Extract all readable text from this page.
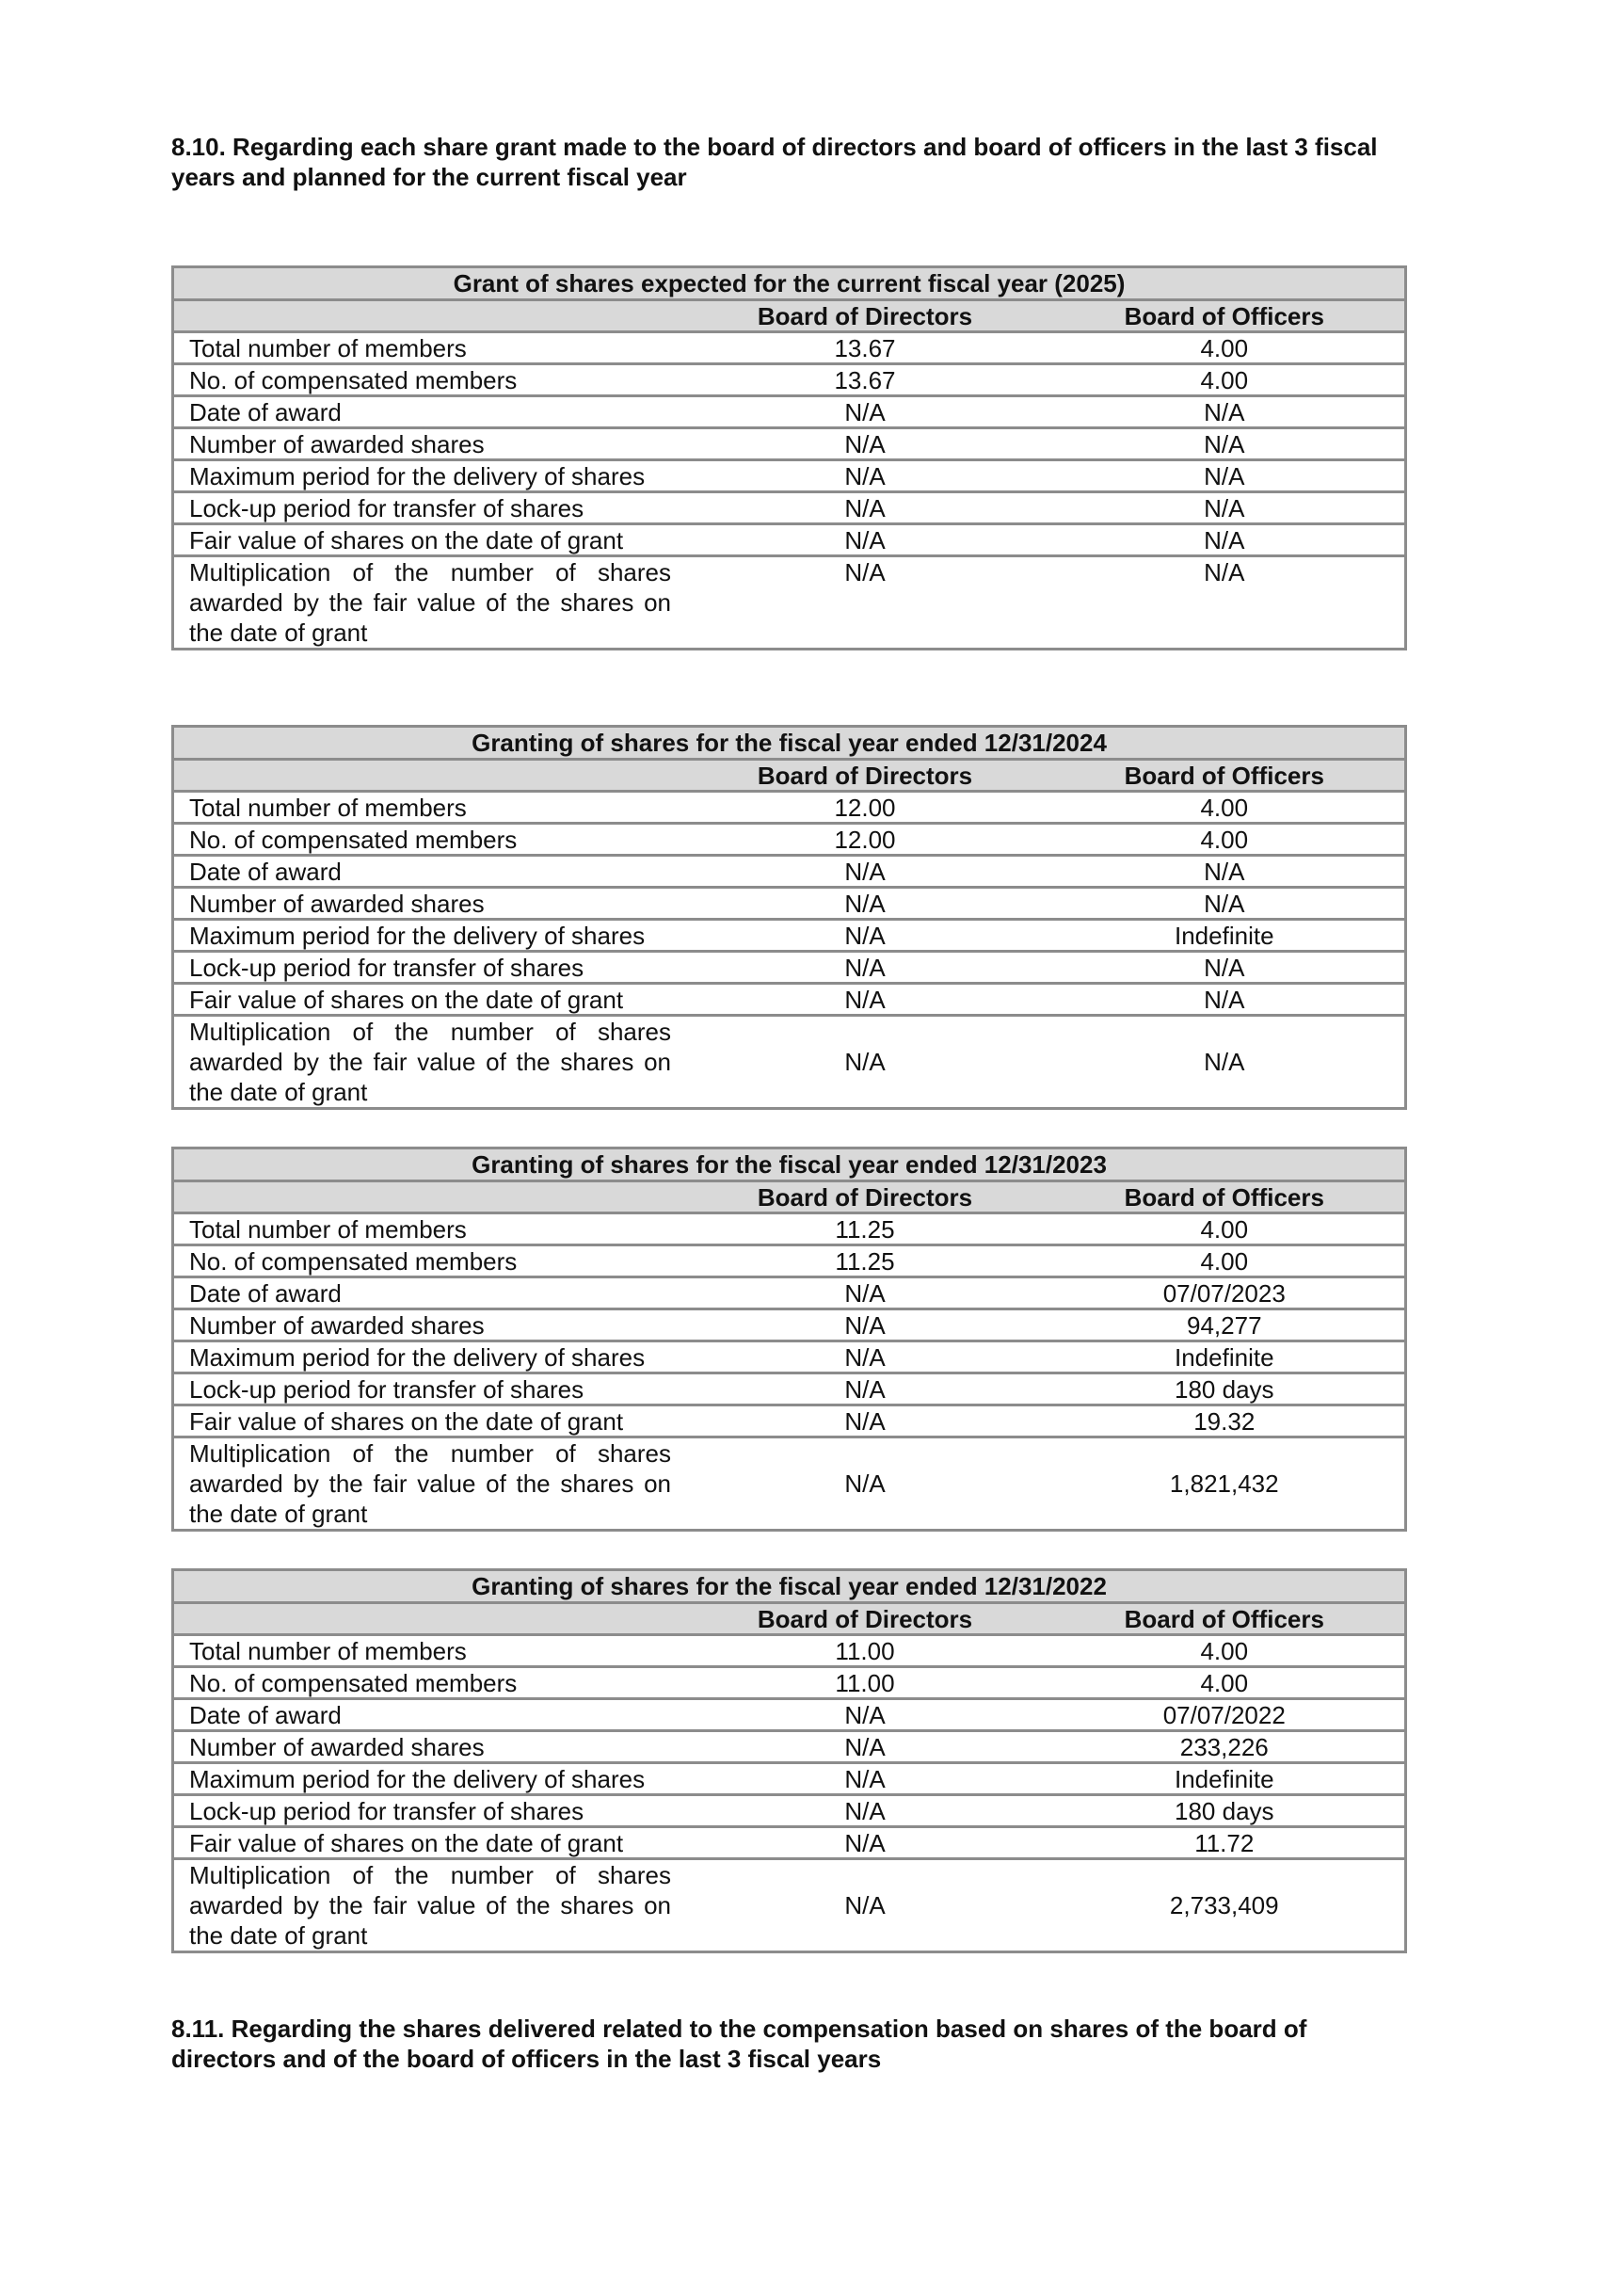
8.10. Regarding each share grant made to the board of directors and board of officers in the last 3 fiscal years and planned for the current fiscal year
Grant of shares expected for the current fiscal year (2025)		
	Board of Directors	Board of Officers
Total number of members	13.67	4.00
No. of compensated members	13.67	4.00
Date of award	N/A	N/A
Number of awarded shares	N/A	N/A
Maximum period for the delivery of shares	N/A	N/A
Lock-up period for transfer of shares	N/A	N/A
Fair value of shares on the date of grant	N/A	N/A

Multiplication of the number of shares awarded by the fair value of the shares on the date of grant	N/A	N/A
Granting of shares for the fiscal year ended 12/31/2024		
	Board of Directors	Board of Officers
Total number of members	12.00	4.00
No. of compensated members	12.00	4.00
Date of award	N/A	N/A
Number of awarded shares	N/A	N/A
Maximum period for the delivery of shares	N/A	Indefinite
Lock-up period for transfer of shares	N/A	N/A
Fair value of shares on the date of grant	N/A	N/A

Multiplication of the number of shares awarded by the fair value of the shares on the date of grant	N/A	N/A
Granting of shares for the fiscal year ended 12/31/2023		
	Board of Directors	Board of Officers
Total number of members	11.25	4.00
No. of compensated members	11.25	4.00
Date of award	N/A	07/07/2023
Number of awarded shares	N/A	94,277
Maximum period for the delivery of shares	N/A	Indefinite
Lock-up period for transfer of shares	N/A	180 days
Fair value of shares on the date of grant	N/A	19.32

Multiplication of the number of shares awarded by the fair value of the shares on the date of grant	N/A	1,821,432
Granting of shares for the fiscal year ended 12/31/2022		
	Board of Directors	Board of Officers
Total number of members	11.00	4.00
No. of compensated members	11.00	4.00
Date of award	N/A	07/07/2022
Number of awarded shares	N/A	233,226
Maximum period for the delivery of shares	N/A	Indefinite
Lock-up period for transfer of shares	N/A	180 days
Fair value of shares on the date of grant	N/A	11.72

Multiplication of the number of shares awarded by the fair value of the shares on the date of grant	N/A	2,733,409
8.11. Regarding the shares delivered related to the compensation based on shares of the board of directors and of the board of officers in the last 3 fiscal years
